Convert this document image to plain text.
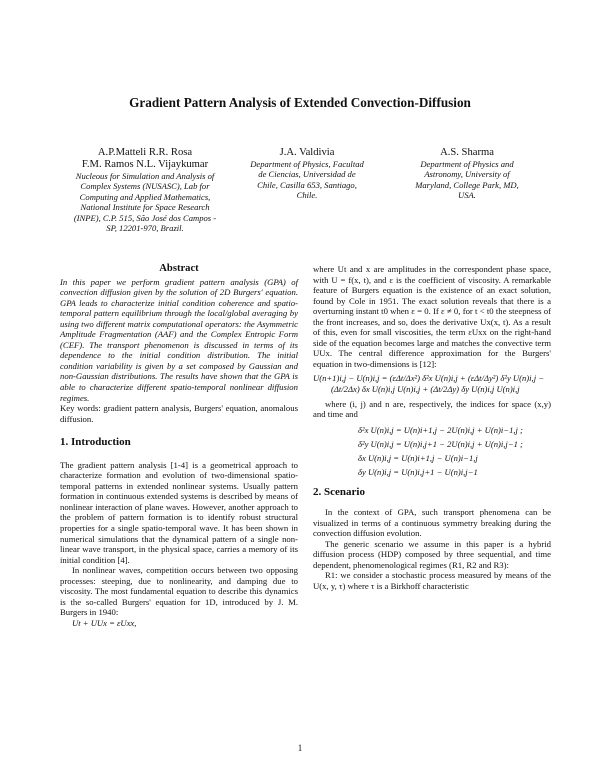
Gradient Pattern Analysis of Extended Convection-Diffusion
A.P.Matteli R.R. Rosa
F.M. Ramos N.L. Vijaykumar
Nucleous for Simulation and Analysis of
Complex Systems (NUSASC), Lab for
Computing and Applied Mathematics,
National Institute for Space Research
(INPE), C.P. 515, São José dos Campos -
SP, 12201-970, Brazil.
J.A. Valdivia
Department of Physics, Facultad
de Ciencias, Universidad de
Chile, Casilla 653, Santiago,
Chile.
A.S. Sharma
Department of Physics and
Astronomy, University of
Maryland, College Park, MD,
USA.
Abstract

In this paper we perform gradient pattern analysis (GPA) of convection diffusion given by the solution of 2D Burgers' equation. GPA leads to characterize initial condition coherence and spatio-temporal pattern equilibrium through the local/global averaging by using two different matrix computational operators: the Asymmetric Amplitude Fragmentation (AAF) and the Complex Entropic Form (CEF). The transport phenomenon is discussed in terms of its dependence to the initial condition distribution. The initial condition variability is given by a set composed by Gaussian and non-Gaussian distributions. The results have shown that the GPA is able to characterize different spatio-temporal nonlinear diffusion regimes.

Key words: gradient pattern analysis, Burgers' equation, anomalous diffusion.

1. Introduction

The gradient pattern analysis [1-4] is a geometrical approach to characterize formation and evolution of two-dimensional spatio-temporal patterns in extended nonlinear systems. Usually pattern formation in continuous extended systems is described by means of nonlinear interaction of plane waves. However, another approach to the problem of pattern formation is to identify robust structural properties for a single spatio-temporal wave. It has been shown in numerical simulations that the dynamical pattern of a single non-linear wave transport, in the physical space, carries a memory of its initial condition [4].

In nonlinear waves, competition occurs between two opposing processes: steeping, due to nonlinearity, and damping due to viscosity. The most fundamental equation to describe this dynamics is the so-called Burgers' equation for 1D, introduced by J. M. Burgers in 1940:

Ut + UUx = εUxx,

where Ut and x are amplitudes in the correspondent phase space, with U = f(x, t), and ε is the coefficient of viscosity. A remarkable feature of Burgers equation is the existence of an exact solution, found by Cole in 1951. The exact solution reveals that there is a overturning instant t0 when ε = 0. If ε ≠ 0, for t < t0 the steepness of the front increases, and so, does the derivative Ux(x, t). As a result of this, even for small viscosities, the term εUxx on the right-hand side of the equation becomes large and matches the convective term UUx. The central difference approximation for the Burgers' equation in two-dimensions is [12]:

U(n+1)i,j − U(n)i,j = (εΔt/Δx²) δ²x U(n)i,j + (εΔt/Δy²) δ²y U(n)i,j −
(Δt/2Δx) δx U(n)i,j U(n)i,j + (Δt/2Δy) δy U(n)i,j U(n)i,j

where (i, j) and n are, respectively, the indices for space (x,y) and time and

δ²x U(n)i,j = U(n)i+1,j − 2U(n)i,j + U(n)i−1,j ;
δ²y U(n)i,j = U(n)i,j+1 − 2U(n)i,j + U(n)i,j−1 ;
δx U(n)i,j = U(n)i+1,j − U(n)i−1,j
δy U(n)i,j = U(n)i,j+1 − U(n)i,j−1
2. Scenario

In the context of GPA, such transport phenomena can be visualized in terms of a continuous symmetry breaking during the convection diffusion evolution.

The generic scenario we assume in this paper is a hybrid diffusion process (HDP) composed by three sequential, and time dependent, phenomenological regimes (R1, R2 and R3):

R1: we consider a stochastic process measured by means of the U(x, y, τ) where τ is a Birkhoff characteristic

1
